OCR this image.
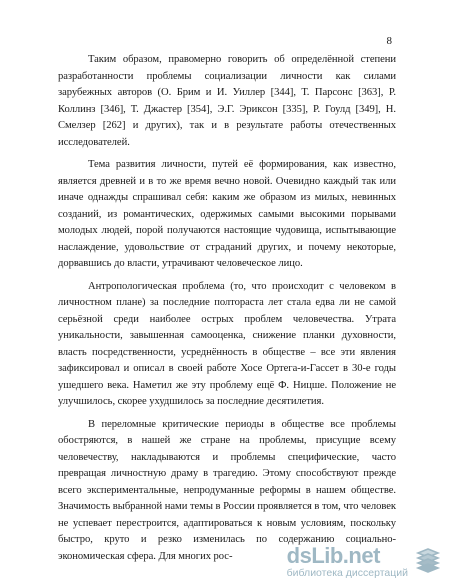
8

Таким образом, правомерно говорить об определённой степени разработанности проблемы социализации личности как силами зарубежных авторов (О. Брим и И. Уиллер [344], Т. Парсонс [363], Р. Коллинз [346], Т. Джастер [354], Э.Г. Эриксон [335], Р. Гоулд [349], Н. Смелзер [262] и других), так и в результате работы отечественных исследователей.

Тема развития личности, путей её формирования, как известно, является древней и в то же время вечно новой. Очевидно каждый так или иначе однажды спрашивал себя: каким же образом из милых, невинных созданий, из романтических, одержимых самыми высокими порывами молодых людей, порой получаются настоящие чудовища, испытывающие наслаждение, удовольствие от страданий других, и почему некоторые, дорвавшись до власти, утрачивают человеческое лицо.

Антропологическая проблема (то, что происходит с человеком в личностном плане) за последние полтораста лет стала едва ли не самой серьёзной среди наиболее острых проблем человечества. Утрата уникальности, завышенная самооценка, снижение планки духовности, власть посредственности, усреднённость в обществе – все эти явления зафиксировал и описал в своей работе Хосе Ортега-и-Гассет в 30-е годы ушедшего века. Наметил же эту проблему ещё Ф. Ницше. Положение не улучшилось, скорее ухудшилось за последние десятилетия.

В переломные критические периоды в обществе все проблемы обостряются, в нашей же стране на проблемы, присущие всему человечеству, накладываются и проблемы специфические, часто превращая личностную драму в трагедию. Этому способствуют прежде всего экспериментальные, непродуманные реформы в нашем обществе. Значимость выбранной нами темы в России проявляется в том, что человек не успевает перестроится, адаптироваться к новым условиям, поскольку быстро, круто и резко изменилась по содержанию социально-экономическая сфера. Для многих рос-	dsLib.net
библиотека диссертаций
